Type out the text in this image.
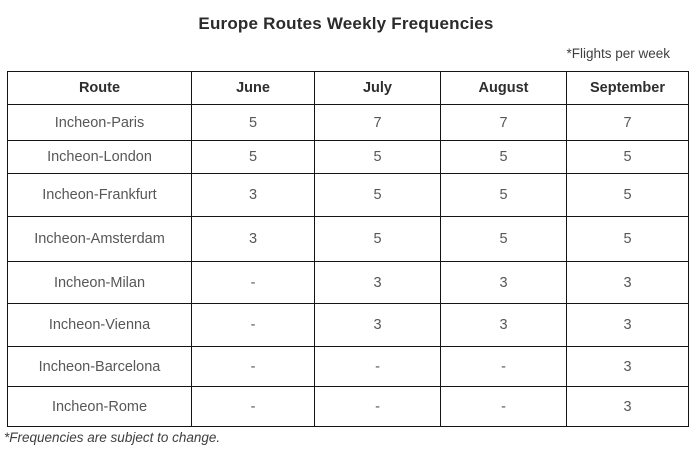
Europe Routes Weekly Frequencies
*Flights per week
Route	June	July	August	September
Incheon-Paris	5	7	7	7
Incheon-London	5	5	5	5
Incheon-Frankfurt	3	5	5	5
Incheon-Amsterdam	3	5	5	5
Incheon-Milan	-	3	3	3
Incheon-Vienna	-	3	3	3
Incheon-Barcelona	-	-	-	3
Incheon-Rome	-	-	-	3
*Frequencies are subject to change.
